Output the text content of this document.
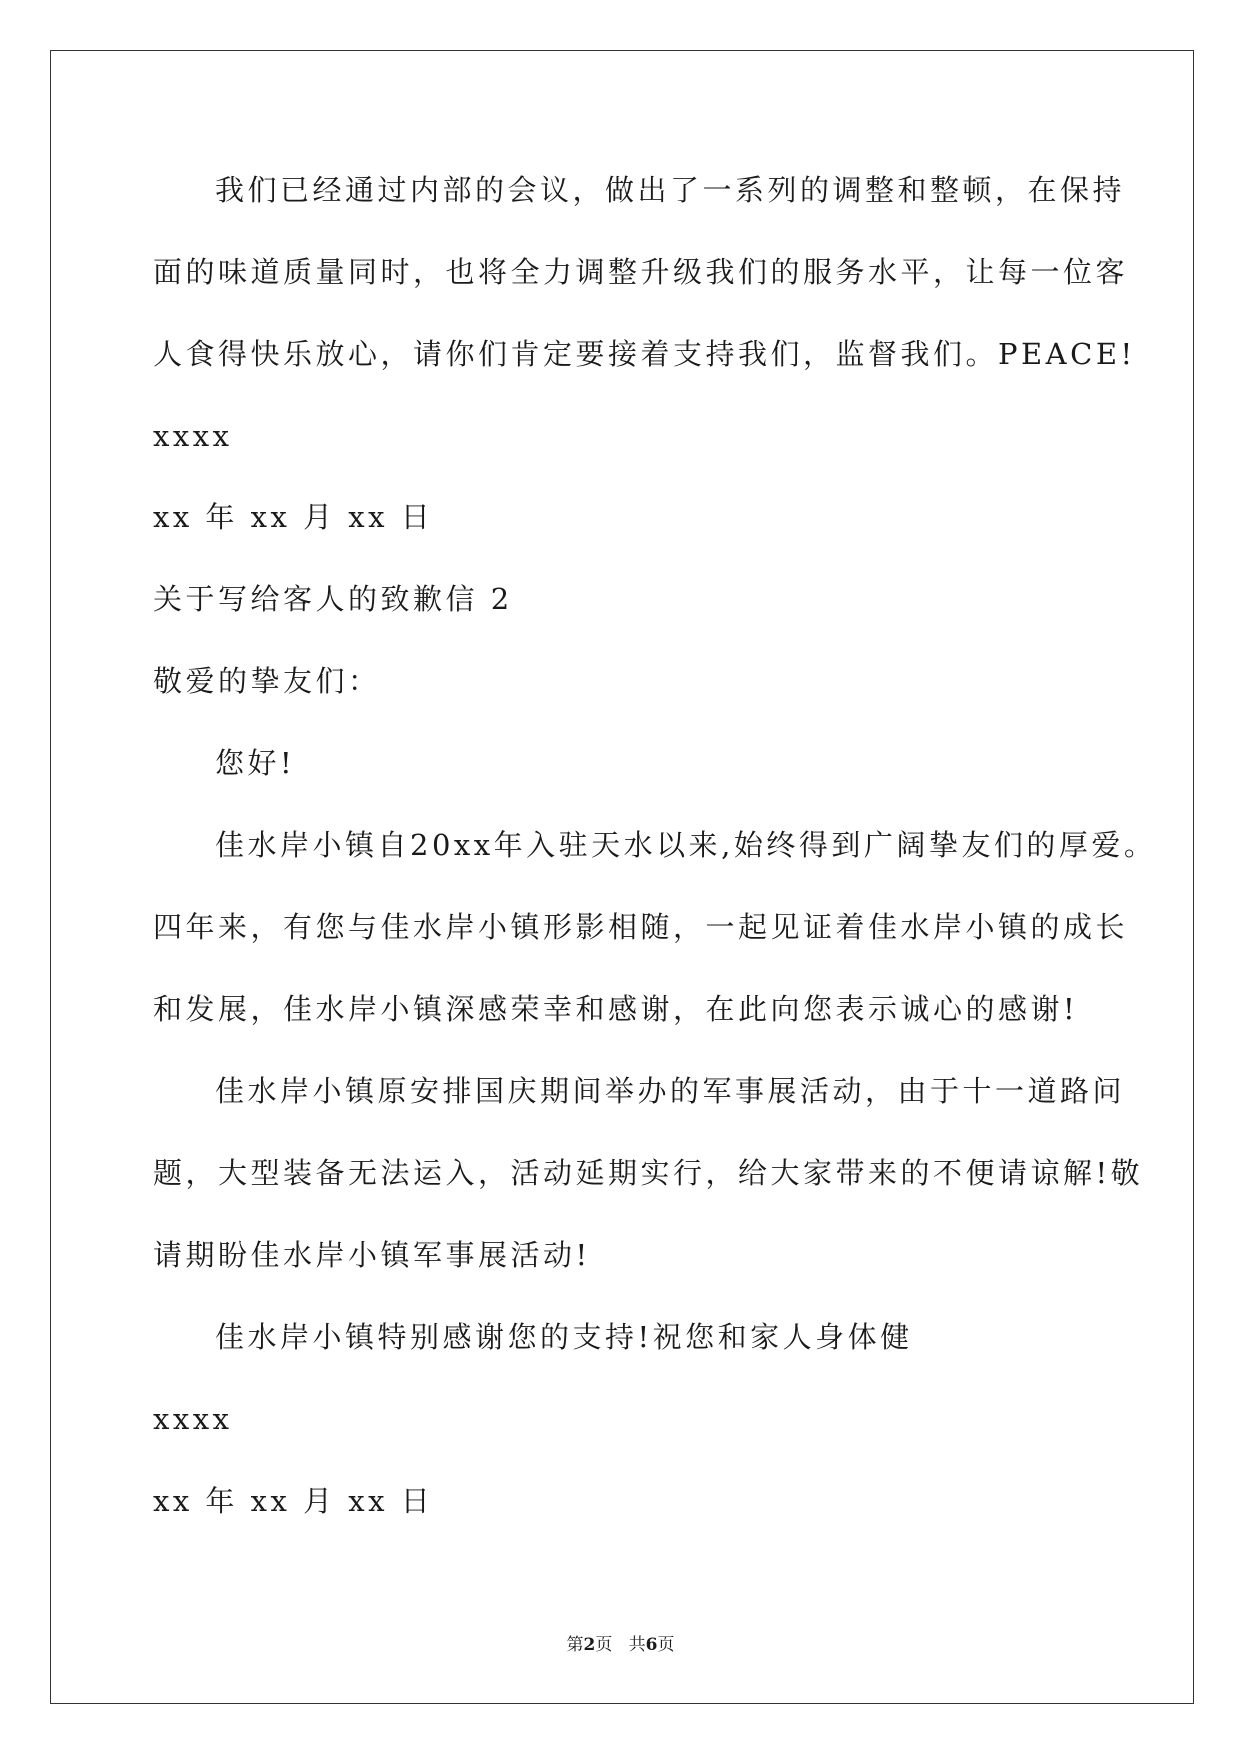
我们已经通过内部的会议，做出了一系列的调整和整顿，在保持
面的味道质量同时，也将全力调整升级我们的服务水平，让每一位客
人食得快乐放心，请你们肯定要接着支持我们，监督我们。PEACE!
xxxx
xx 年 xx 月 xx 日
关于写给客人的致歉信 2
敬爱的挚友们：
您好!
佳水岸小镇自20xx年入驻天水以来,始终得到广阔挚友们的厚爱。
四年来，有您与佳水岸小镇形影相随，一起见证着佳水岸小镇的成长
和发展，佳水岸小镇深感荣幸和感谢，在此向您表示诚心的感谢!
佳水岸小镇原安排国庆期间举办的军事展活动，由于十一道路问
题，大型装备无法运入，活动延期实行，给大家带来的不便请谅解!敬
请期盼佳水岸小镇军事展活动!
佳水岸小镇特别感谢您的支持!祝您和家人身体健
xxxx
xx 年 xx 月 xx 日
第2页   共6页
